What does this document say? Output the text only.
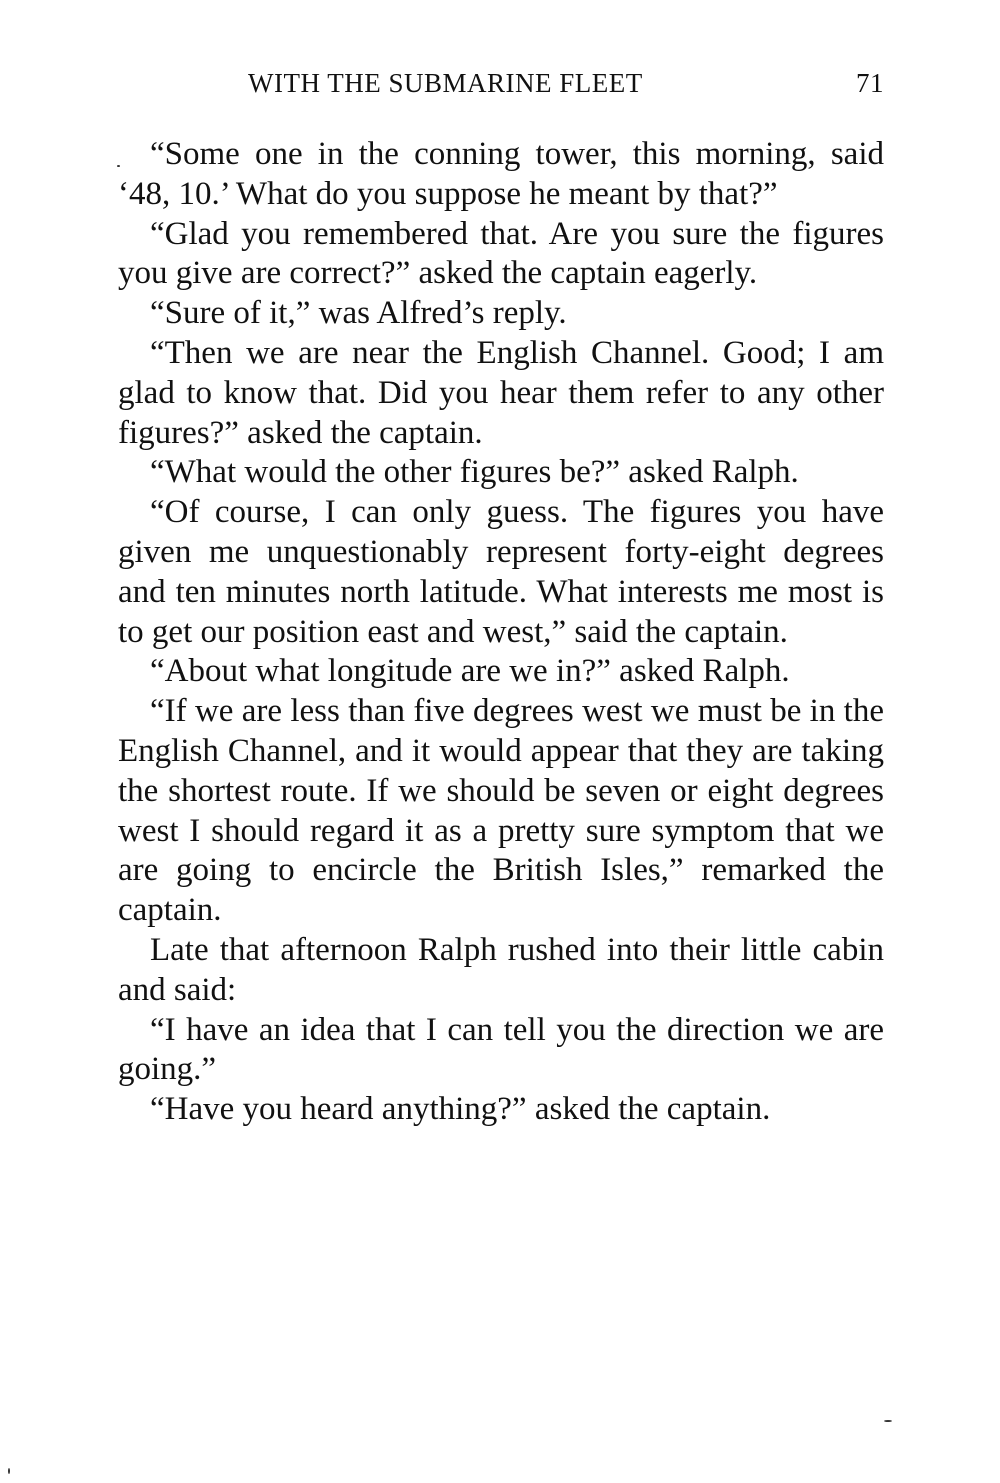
WITH THE SUBMARINE FLEET	71

“Some one in the conning tower, this morning, said ‘48, 10.’ What do you suppose he meant by that?”

“Glad you remembered that. Are you sure the figures you give are correct?” asked the captain eagerly.

“Sure of it,” was Alfred’s reply.

“Then we are near the English Channel. Good; I am glad to know that. Did you hear them refer to any other figures?” asked the captain.

“What would the other figures be?” asked Ralph.

“Of course, I can only guess. The figures you have given me unquestionably represent forty-eight degrees and ten minutes north latitude. What interests me most is to get our position east and west,” said the captain.

“About what longitude are we in?” asked Ralph.

“If we are less than five degrees west we must be in the English Channel, and it would appear that they are taking the shortest route. If we should be seven or eight degrees west I should regard it as a pretty sure symptom that we are going to encircle the British Isles,” remarked the captain.

Late that afternoon Ralph rushed into their little cabin and said:

“I have an idea that I can tell you the direction we are going.”

“Have you heard anything?” asked the captain.
